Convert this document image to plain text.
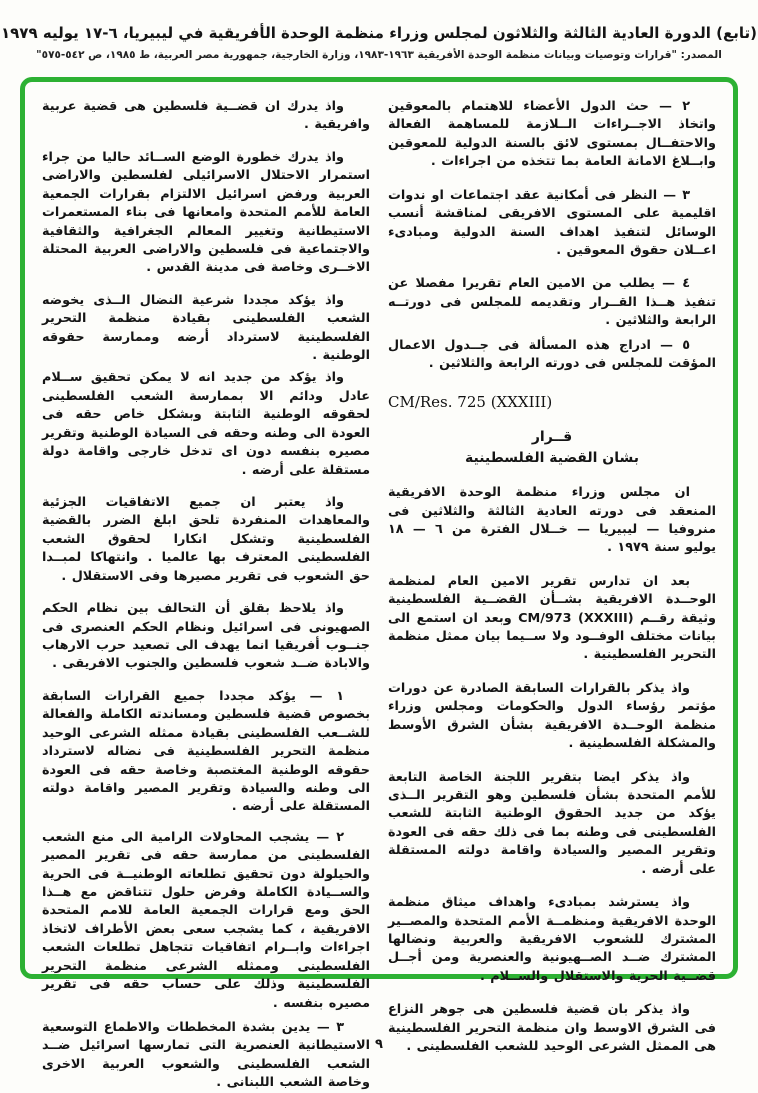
(تابع) الدورة العادية الثالثة والثلاثون لمجلس وزراء منظمة الوحدة الأفريقية في ليبيريا، ٦-١٧ يوليه ١٩٧٩
المصدر: "قرارات وتوصيات وبيانات منظمة الوحدة الأفريقية ١٩٦٣-١٩٨٣، وزارة الخارجية، جمهورية مصر العربية، ط ١٩٨٥، ص ٥٤٢-٥٧٥"

٢ — حث الدول الأعضاء للاهتمام بالمعوقين واتخاذ الاجــراءات الــلازمة للمساهمة الفعالة والاحتفــال بمستوى لائق بالسنة الدولية للمعوقين وابــلاغ الامانة العامة بما تتخذه من اجراءات .

٣ — النظر فى أمكانية عقد اجتماعات او ندوات اقليمية على المستوى الافريقى لمناقشة أنسب الوسائل لتنفيذ اهداف السنة الدولية ومبادىء اعــلان حقوق المعوقين .

٤ — يطلب من الامين العام تقريرا مفصلا عن تنفيذ هــذا القــرار وتقديمه للمجلس فى دورتــه الرابعة والثلاثين .

٥ — ادراج هذه المسألة فى جــدول الاعمال المؤقت للمجلس فى دورته الرابعة والثلاثين .

CM/Res. 725 (XXXIII)
قــرار
بشان القضية الفلسطينية

ان مجلس وزراء منظمة الوحدة الافريقية المنعقد فى دورته العادية الثالثة والثلاثين فى منروفيا — ليبيريا — خــلال الفترة من ٦ — ١٨ يوليو سنة ١٩٧٩ .

بعد ان تدارس تقرير الامين العام لمنظمة الوحــدة الافريقية بشــأن القضــية الفلسطينية وثيقة رقــم CM/973 (XXXIII) وبعد ان استمع الى بيانات مختلف الوفــود ولا ســيما بيان ممثل منظمة التحرير الفلسطينية .

واذ يذكر بالقرارات السابقة الصادرة عن دورات مؤتمر رؤساء الدول والحكومات ومجلس وزراء منظمة الوحــدة الافريقية بشأن الشرق الأوسط والمشكلة الفلسطينية .

واذ يذكر ايضا بتقرير اللجنة الخاصة التابعة للأمم المتحدة بشأن فلسطين وهو التقرير الــذى يؤكد من جديد الحقوق الوطنية الثابتة للشعب الفلسطينى فى وطنه بما فى ذلك حقه فى العودة وتقرير المصير والسيادة واقامة دولته المستقلة على أرضه .

واذ يسترشد بمبادىء واهداف ميثاق منظمة الوحدة الافريقية ومنظمــة الأمم المتحدة والمصــير المشترك للشعوب الافريقية والعربية ونضالها المشترك ضــد الصــهيونية والعنصرية ومن أجــل قضــية الحرية والاستقلال والســلام .

واذ يذكر بان قضية فلسطين هى جوهر النزاع فى الشرق الاوسط وان منظمة التحرير الفلسطينية هى الممثل الشرعى الوحيد للشعب الفلسطينى .

واذ يدرك ان قضــية فلسطين هى قضية عربية وافريقية .

واذ يدرك خطورة الوضع الســائد حاليا من جراء استمرار الاحتلال الاسرائيلى لفلسطين والاراضى العربية ورفض اسرائيل الالتزام بقرارات الجمعية العامة للأمم المتحدة وامعانها فى بناء المستعمرات الاستيطانية وتغيير المعالم الجغرافية والثقافية والاجتماعية فى فلسطين والاراضى العربية المحتلة الاخــرى وخاصة فى مدينة القدس .

واذ يؤكد مجددا شرعية النضال الــذى يخوضه الشعب الفلسطينى بقيادة منظمة التحرير الفلسطينية لاسترداد أرضه وممارسة حقوقه الوطنية .

واذ يؤكد من جديد انه لا يمكن تحقيق ســلام عادل ودائم الا بممارسة الشعب الفلسطينى لحقوقه الوطنية الثابتة وبشكل خاص حقه فى العودة الى وطنه وحقه فى السيادة الوطنية وتقرير مصيره بنفسه دون اى تدخل خارجى واقامة دولة مستقلة على أرضه .

واذ يعتبر ان جميع الاتفاقيات الجزئية والمعاهدات المنفردة تلحق ابلغ الضرر بالقضية الفلسطينية وتشكل انكارا لحقوق الشعب الفلسطينى المعترف بها عالميا . وانتهاكا لمبــدا حق الشعوب فى تقرير مصيرها وفى الاستقلال .

واذ يلاحظ بقلق أن التحالف بين نظام الحكم الصهيونى فى اسرائيل ونظام الحكم العنصرى فى جنــوب أفريقيا انما يهدف الى تصعيد حرب الارهاب والابادة ضــد شعوب فلسطين والجنوب الافريقى .

١ — يؤكد مجددا جميع القرارات السابقة بخصوص قضية فلسطين ومساندته الكاملة والفعالة للشــعب الفلسطينى بقيادة ممثله الشرعى الوحيد منظمة التحرير الفلسطينية فى نضاله لاسترداد حقوقه الوطنية المغتصبة وخاصة حقه فى العودة الى وطنه والسيادة وتقرير المصير واقامة دولته المستقلة على أرضه .

٢ — يشجب المحاولات الرامية الى منع الشعب الفلسطينى من ممارسة حقه فى تقرير المصير والحيلولة دون تحقيق تطلعاته الوطنيــة فى الحرية والســيادة الكاملة وفرض حلول تتناقض مع هــذا الحق ومع قرارات الجمعية العامة للامم المتحدة الافريقية ، كما يشجب سعى بعض الأطراف لاتخاذ اجراءات وابــرام اتفاقيات تتجاهل تطلعات الشعب الفلسطينى وممثله الشرعى منظمة التحرير الفلسطينية وذلك على حساب حقه فى تقرير مصيره بنفسه .

٣ — يدين بشدة المخططات والاطماع التوسعية الاستيطانية العنصرية التى تمارسها اسرائيل ضــد الشعب الفلسطينى والشعوب العربية الاخرى وخاصة الشعب اللبنانى .

٩
